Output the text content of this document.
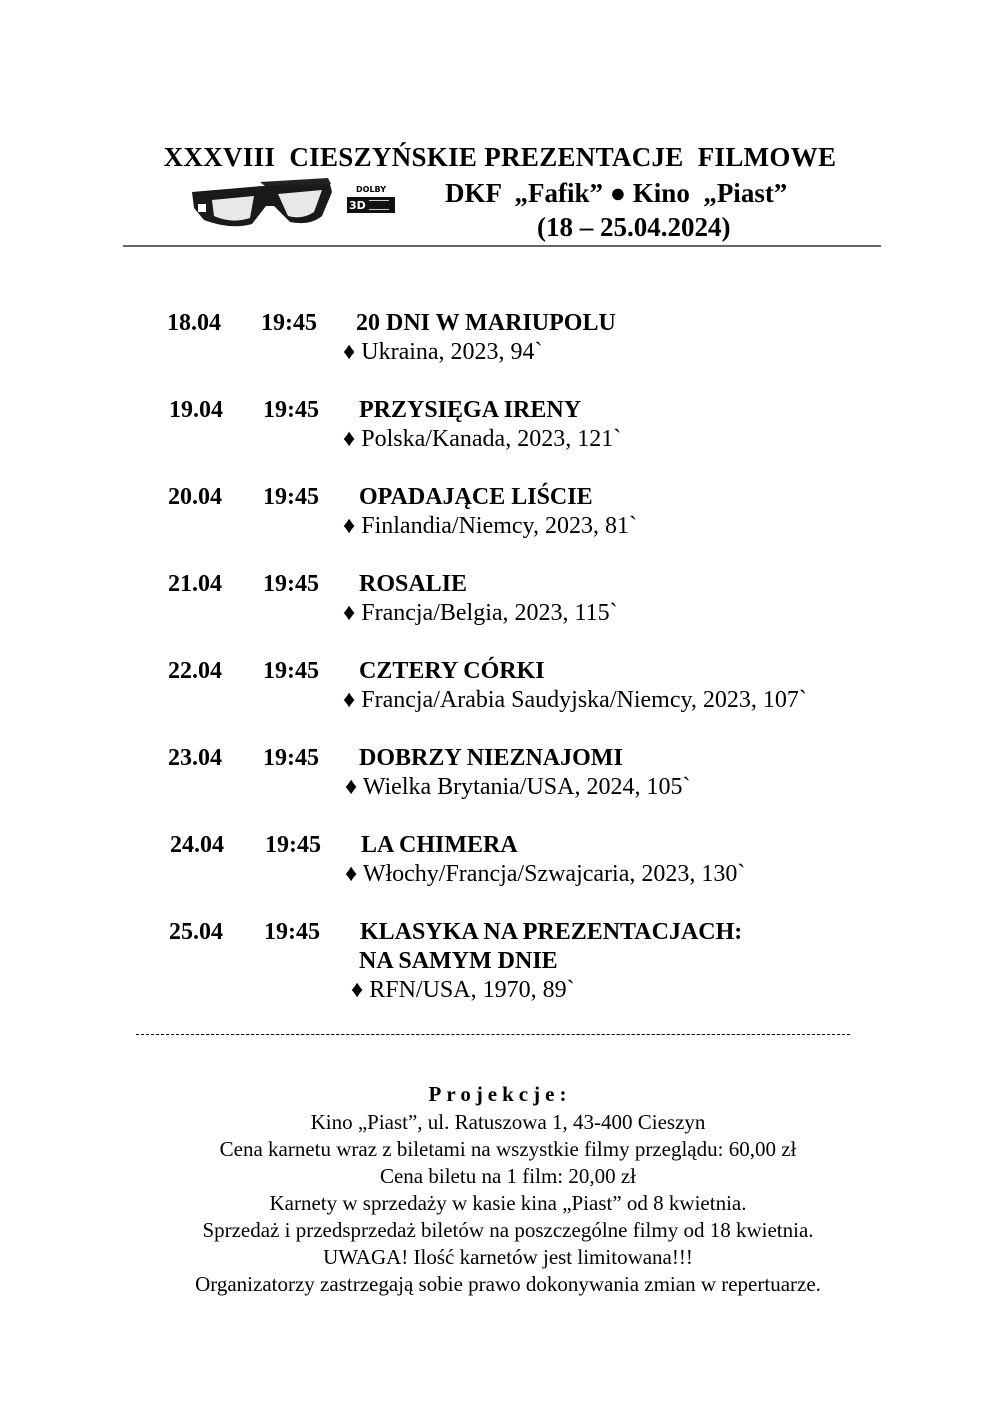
XXXVIII  CIESZYŃSKIE PREZENTACJE  FILMOWE
DOLBY
3D	DKF  „Fafik” ● Kino  „Piast”
(18 – 25.04.2024)
18.04 19:45 20 DNI W MARIUPOLU
♦ Ukraina, 2023, 94`
19.04 19:45 PRZYSIĘGA IRENY
♦ Polska/Kanada, 2023, 121`
20.04 19:45 OPADAJĄCE LIŚCIE
♦ Finlandia/Niemcy, 2023, 81`
21.04 19:45 ROSALIE
♦ Francja/Belgia, 2023, 115`
22.04 19:45 CZTERY CÓRKI
♦ Francja/Arabia Saudyjska/Niemcy, 2023, 107`
23.04 19:45 DOBRZY NIEZNAJOMI
♦ Wielka Brytania/USA, 2024, 105`
24.04 19:45 LA CHIMERA
♦ Włochy/Francja/Szwajcaria, 2023, 130`
25.04 19:45 KLASYKA NA PREZENTACJACH:
NA SAMYM DNIE
♦ RFN/USA, 1970, 89`
Projekcje:
Kino „Piast”, ul. Ratuszowa 1, 43-400 Cieszyn
Cena karnetu wraz z biletami na wszystkie filmy przeglądu: 60,00 zł
Cena biletu na 1 film: 20,00 zł
Karnety w sprzedaży w kasie kina „Piast” od 8 kwietnia.
Sprzedaż i przedsprzedaż biletów na poszczególne filmy od 18 kwietnia.
UWAGA! Ilość karnetów jest limitowana!!!
Organizatorzy zastrzegają sobie prawo dokonywania zmian w repertuarze.
